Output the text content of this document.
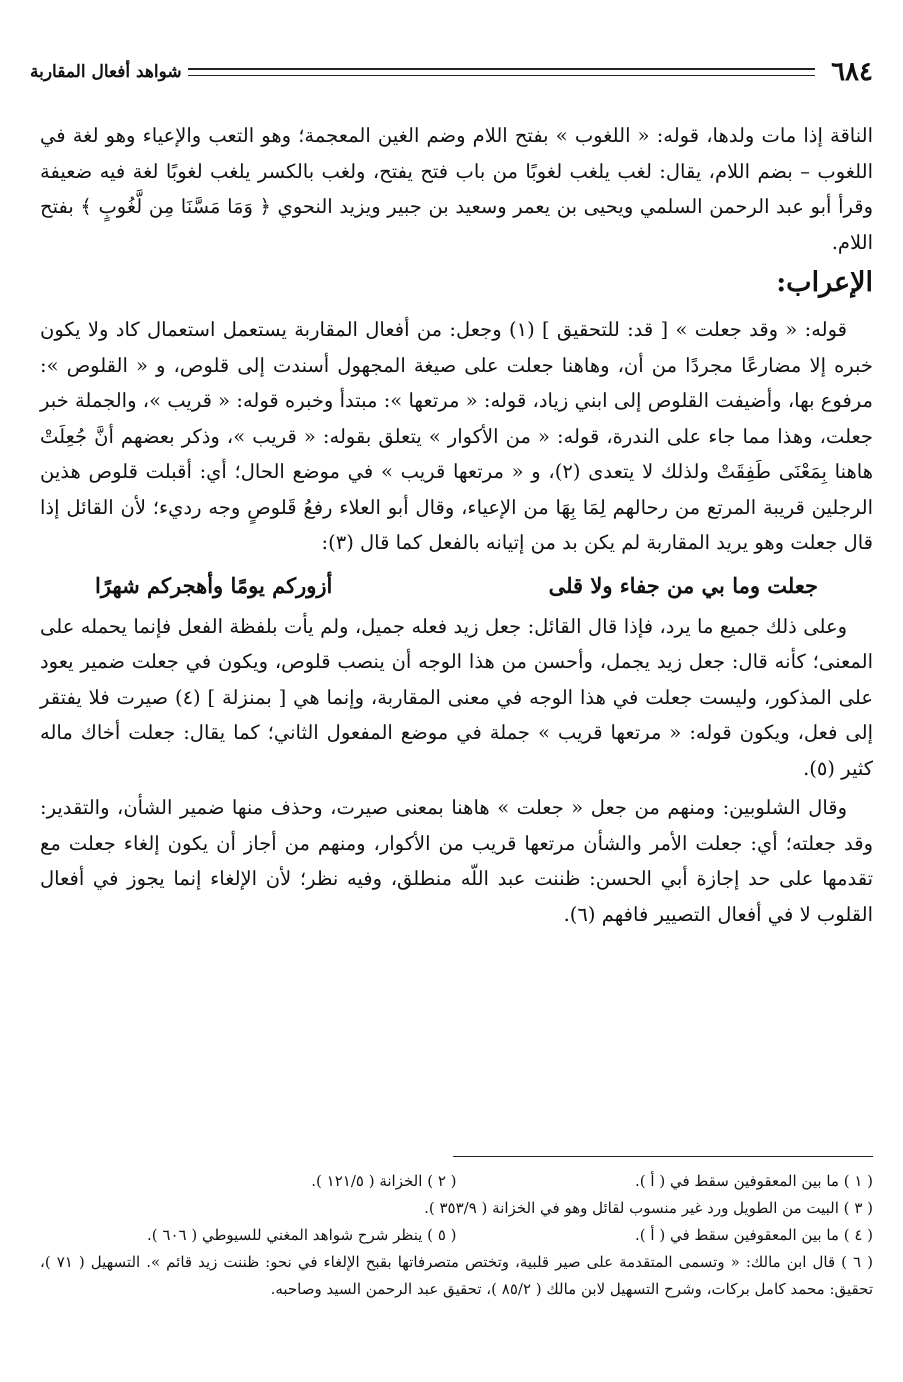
٦٨٤
شواهد أفعال المقاربة

الناقة إذا مات ولدها، قوله: « اللغوب » بفتح اللام وضم الغين المعجمة؛ وهو التعب والإعياء وهو لغة في اللغوب – بضم اللام، يقال: لغب يلغب لغوبًا من باب فتح يفتح، ولغب بالكسر يلغب لغوبًا لغة فيه ضعيفة وقرأ أبو عبد الرحمن السلمي ويحيى بن يعمر وسعيد بن جبير ويزيد النحوي ﴿ وَمَا مَسَّنَا مِن لَّغُوبٍ ﴾ بفتح اللام.

الإعراب:

قوله: « وقد جعلت » [ قد: للتحقيق ] (١) وجعل: من أفعال المقاربة يستعمل استعمال كاد ولا يكون خبره إلا مضارعًا مجردًا من أن، وهاهنا جعلت على صيغة المجهول أسندت إلى قلوص، و « القلوص »: مرفوع بها، وأضيفت القلوص إلى ابني زياد، قوله: « مرتعها »: مبتدأ وخبره قوله: « قريب »، والجملة خبر جعلت، وهذا مما جاء على الندرة، قوله: « من الأكوار » يتعلق بقوله: « قريب »، وذكر بعضهم أنَّ جُعِلَتْ هاهنا بِمَعْنَى طَفِقَتْ ولذلك لا يتعدى (٢)، و « مرتعها قريب » في موضع الحال؛ أي: أقبلت قلوص هذين الرجلين قريبة المرتع من رحالهم لِمَا بِهَا من الإعياء، وقال أبو العلاء رفعُ قَلوصٍ وجه رديء؛ لأن القائل إذا قال جعلت وهو يريد المقاربة لم يكن بد من إتيانه بالفعل كما قال (٣):

جعلت وما بي من جفاء ولا قلى
أزوركم يومًا وأهجركم شهرًا

وعلى ذلك جميع ما يرد، فإذا قال القائل: جعل زيد فعله جميل، ولم يأت بلفظة الفعل فإنما يحمله على المعنى؛ كأنه قال: جعل زيد يجمل، وأحسن من هذا الوجه أن ينصب قلوص، ويكون في جعلت ضمير يعود على المذكور، وليست جعلت في هذا الوجه في معنى المقاربة، وإنما هي [ بمنزلة ] (٤) صيرت فلا يفتقر إلى فعل، ويكون قوله: « مرتعها قريب » جملة في موضع المفعول الثاني؛ كما يقال: جعلت أخاك ماله كثير (٥).

وقال الشلوبين: ومنهم من جعل « جعلت » هاهنا بمعنى صيرت، وحذف منها ضمير الشأن، والتقدير: وقد جعلته؛ أي: جعلت الأمر والشأن مرتعها قريب من الأكوار، ومنهم من أجاز أن يكون إلغاء جعلت مع تقدمها على حد إجازة أبي الحسن: ظننت عبد اللّه منطلق، وفيه نظر؛ لأن الإلغاء إنما يجوز في أفعال القلوب لا في أفعال التصيير فافهم (٦).

( ١ ) ما بين المعقوفين سقط في ( أ ).
( ٢ ) الخزانة ( ١٢١/٥ ).
( ٣ ) البيت من الطويل ورد غير منسوب لقائل وهو في الخزانة ( ٣٥٣/٩ ).
( ٤ ) ما بين المعقوفين سقط في ( أ ).
( ٥ ) ينظر شرح شواهد المغني للسيوطي ( ٦٠٦ ).
( ٦ ) قال ابن مالك: « وتسمى المتقدمة على صير قلبية، وتختص متصرفاتها بقبح الإلغاء في نحو: ظننت زيد قائم ». التسهيل ( ٧١ )، تحقيق: محمد كامل بركات، وشرح التسهيل لابن مالك ( ٨٥/٢ )، تحقيق عبد الرحمن السيد وصاحبه.
